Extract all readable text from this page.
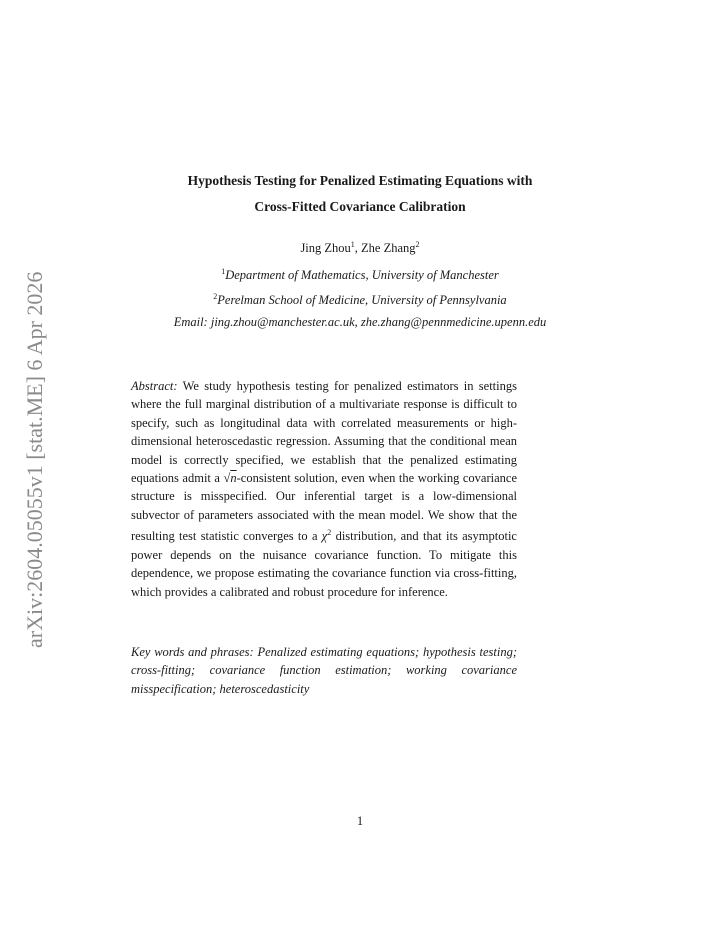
arXiv:2604.05055v1 [stat.ME] 6 Apr 2026
Hypothesis Testing for Penalized Estimating Equations with
Cross-Fitted Covariance Calibration
Jing Zhou$^1$, Zhe Zhang$^2$
$^1$Department of Mathematics, University of Manchester
$^2$Perelman School of Medicine, University of Pennsylvania
Email: jing.zhou@manchester.ac.uk, zhe.zhang@pennmedicine.upenn.edu
Abstract: We study hypothesis testing for penalized estimators in settings where the full marginal distribution of a multivariate response is difficult to specify, such as longitudinal data with correlated measurements or high-dimensional heteroscedastic regression. Assuming that the conditional mean model is correctly specified, we establish that the penalized estimating equations admit a √n-consistent solution, even when the working covariance structure is misspecified. Our inferential target is a low-dimensional subvector of parameters associated with the mean model. We show that the resulting test statistic converges to a $\chi^2$ distribution, and that its asymptotic power depends on the nuisance covariance function. To mitigate this dependence, we propose estimating the covariance function via cross-fitting, which provides a calibrated and robust procedure for inference.
Key words and phrases: Penalized estimating equations; hypothesis testing; cross-fitting; covariance function estimation; working covariance misspecification; heteroscedasticity
1
